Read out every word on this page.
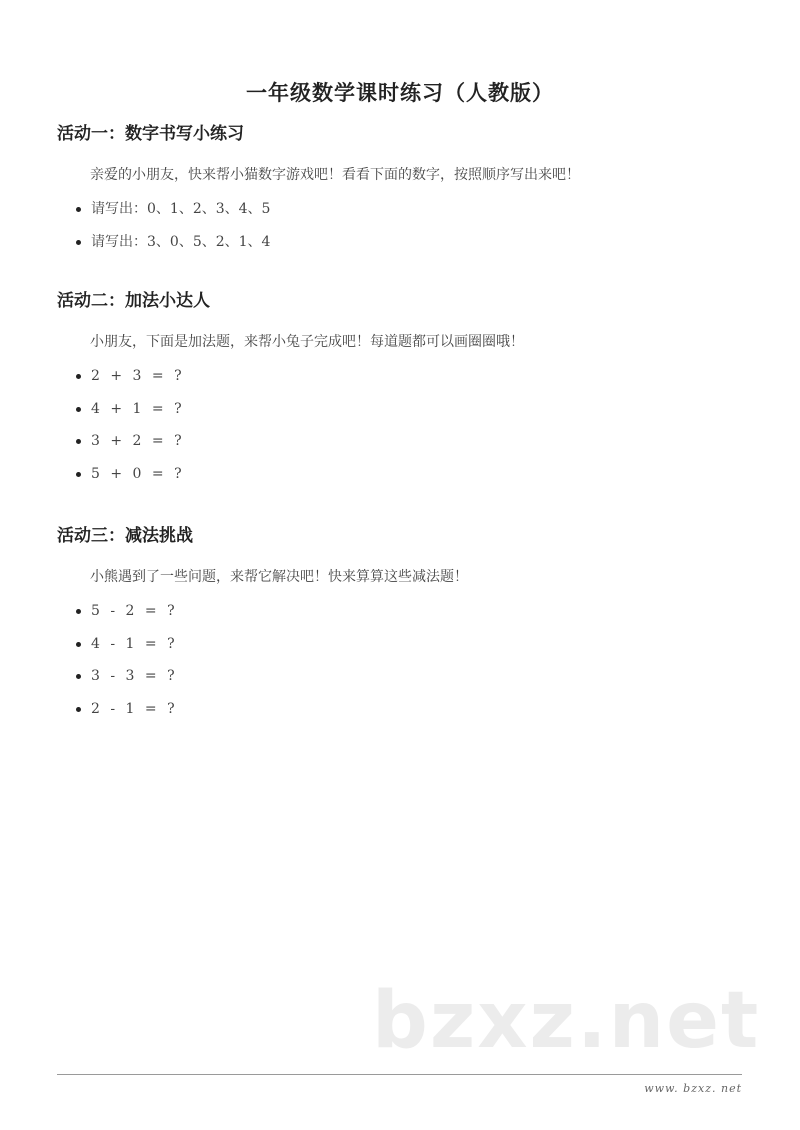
一年级数学课时练习（人教版）
活动一：数字书写小练习

亲爱的小朋友，快来帮小猫数字游戏吧！看看下面的数字，按照顺序写出来吧！

请写出：0、1、2、3、4、5
请写出：3、0、5、2、1、4
活动二：加法小达人

小朋友，下面是加法题，来帮小兔子完成吧！每道题都可以画圈圈哦！

2 + 3 = ?
4 + 1 = ?
3 + 2 = ?
5 + 0 = ?
活动三：减法挑战

小熊遇到了一些问题，来帮它解决吧！快来算算这些减法题！

5 - 2 = ?
4 - 1 = ?
3 - 3 = ?
2 - 1 = ?
bzxz.net
www. bzxz. net
